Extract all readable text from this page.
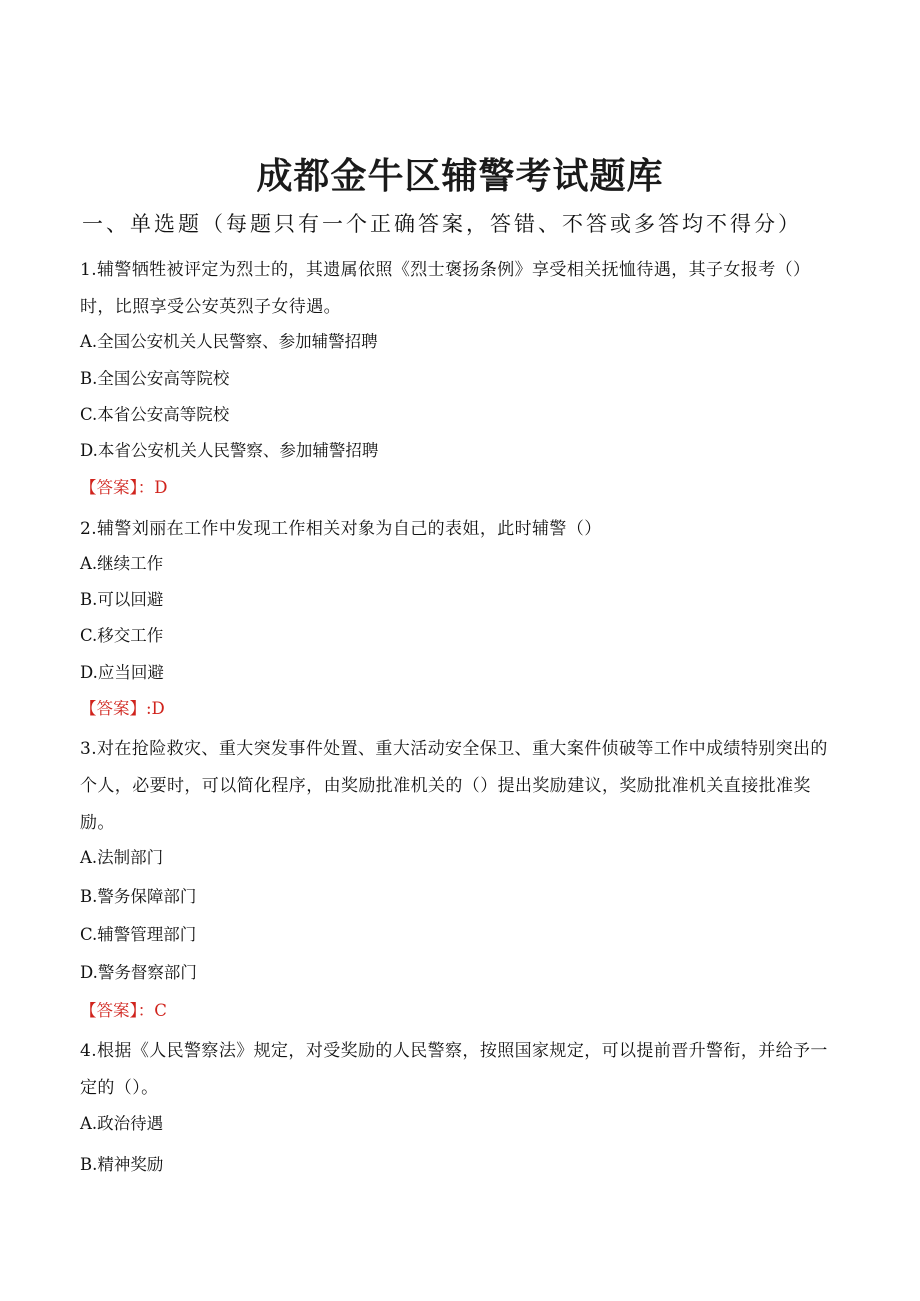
成都金牛区辅警考试题库
一、单选题（每题只有一个正确答案，答错、不答或多答均不得分）

1.辅警牺牲被评定为烈士的，其遗属依照《烈士褒扬条例》享受相关抚恤待遇，其子女报考（）时，比照享受公安英烈子女待遇。

A.全国公安机关人民警察、参加辅警招聘

B.全国公安高等院校

C.本省公安高等院校

D.本省公安机关人民警察、参加辅警招聘

【答案】：D

2.辅警刘丽在工作中发现工作相关对象为自己的表姐，此时辅警（）

A.继续工作

B.可以回避

C.移交工作

D.应当回避

【答案】:D

3.对在抢险救灾、重大突发事件处置、重大活动安全保卫、重大案件侦破等工作中成绩特别突出的个人，必要时，可以简化程序，由奖励批准机关的（）提出奖励建议，奖励批准机关直接批准奖励。

A.法制部门

B.警务保障部门

C.辅警管理部门

D.警务督察部门

【答案】：C

4.根据《人民警察法》规定，对受奖励的人民警察，按照国家规定，可以提前晋升警衔，并给予一定的（）。

A.政治待遇

B.精神奖励
